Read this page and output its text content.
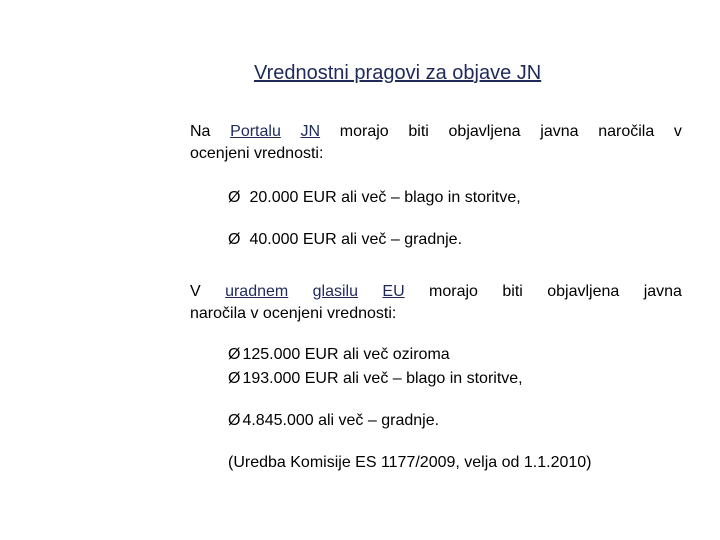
Vrednostni pragovi za objave JN
Na Portalu JN morajo biti objavljena javna naročila v
ocenjeni vrednosti:
Ø 20.000 EUR ali več – blago in storitve,
Ø 40.000 EUR ali več – gradnje.
V uradnem glasilu EU morajo biti objavljena javna
naročila v ocenjeni vrednosti:
Ø 125.000 EUR ali več oziroma
Ø 193.000 EUR ali več – blago in storitve,
Ø 4.845.000 ali več – gradnje.
(Uredba Komisije ES 1177/2009, velja od 1.1.2010)
